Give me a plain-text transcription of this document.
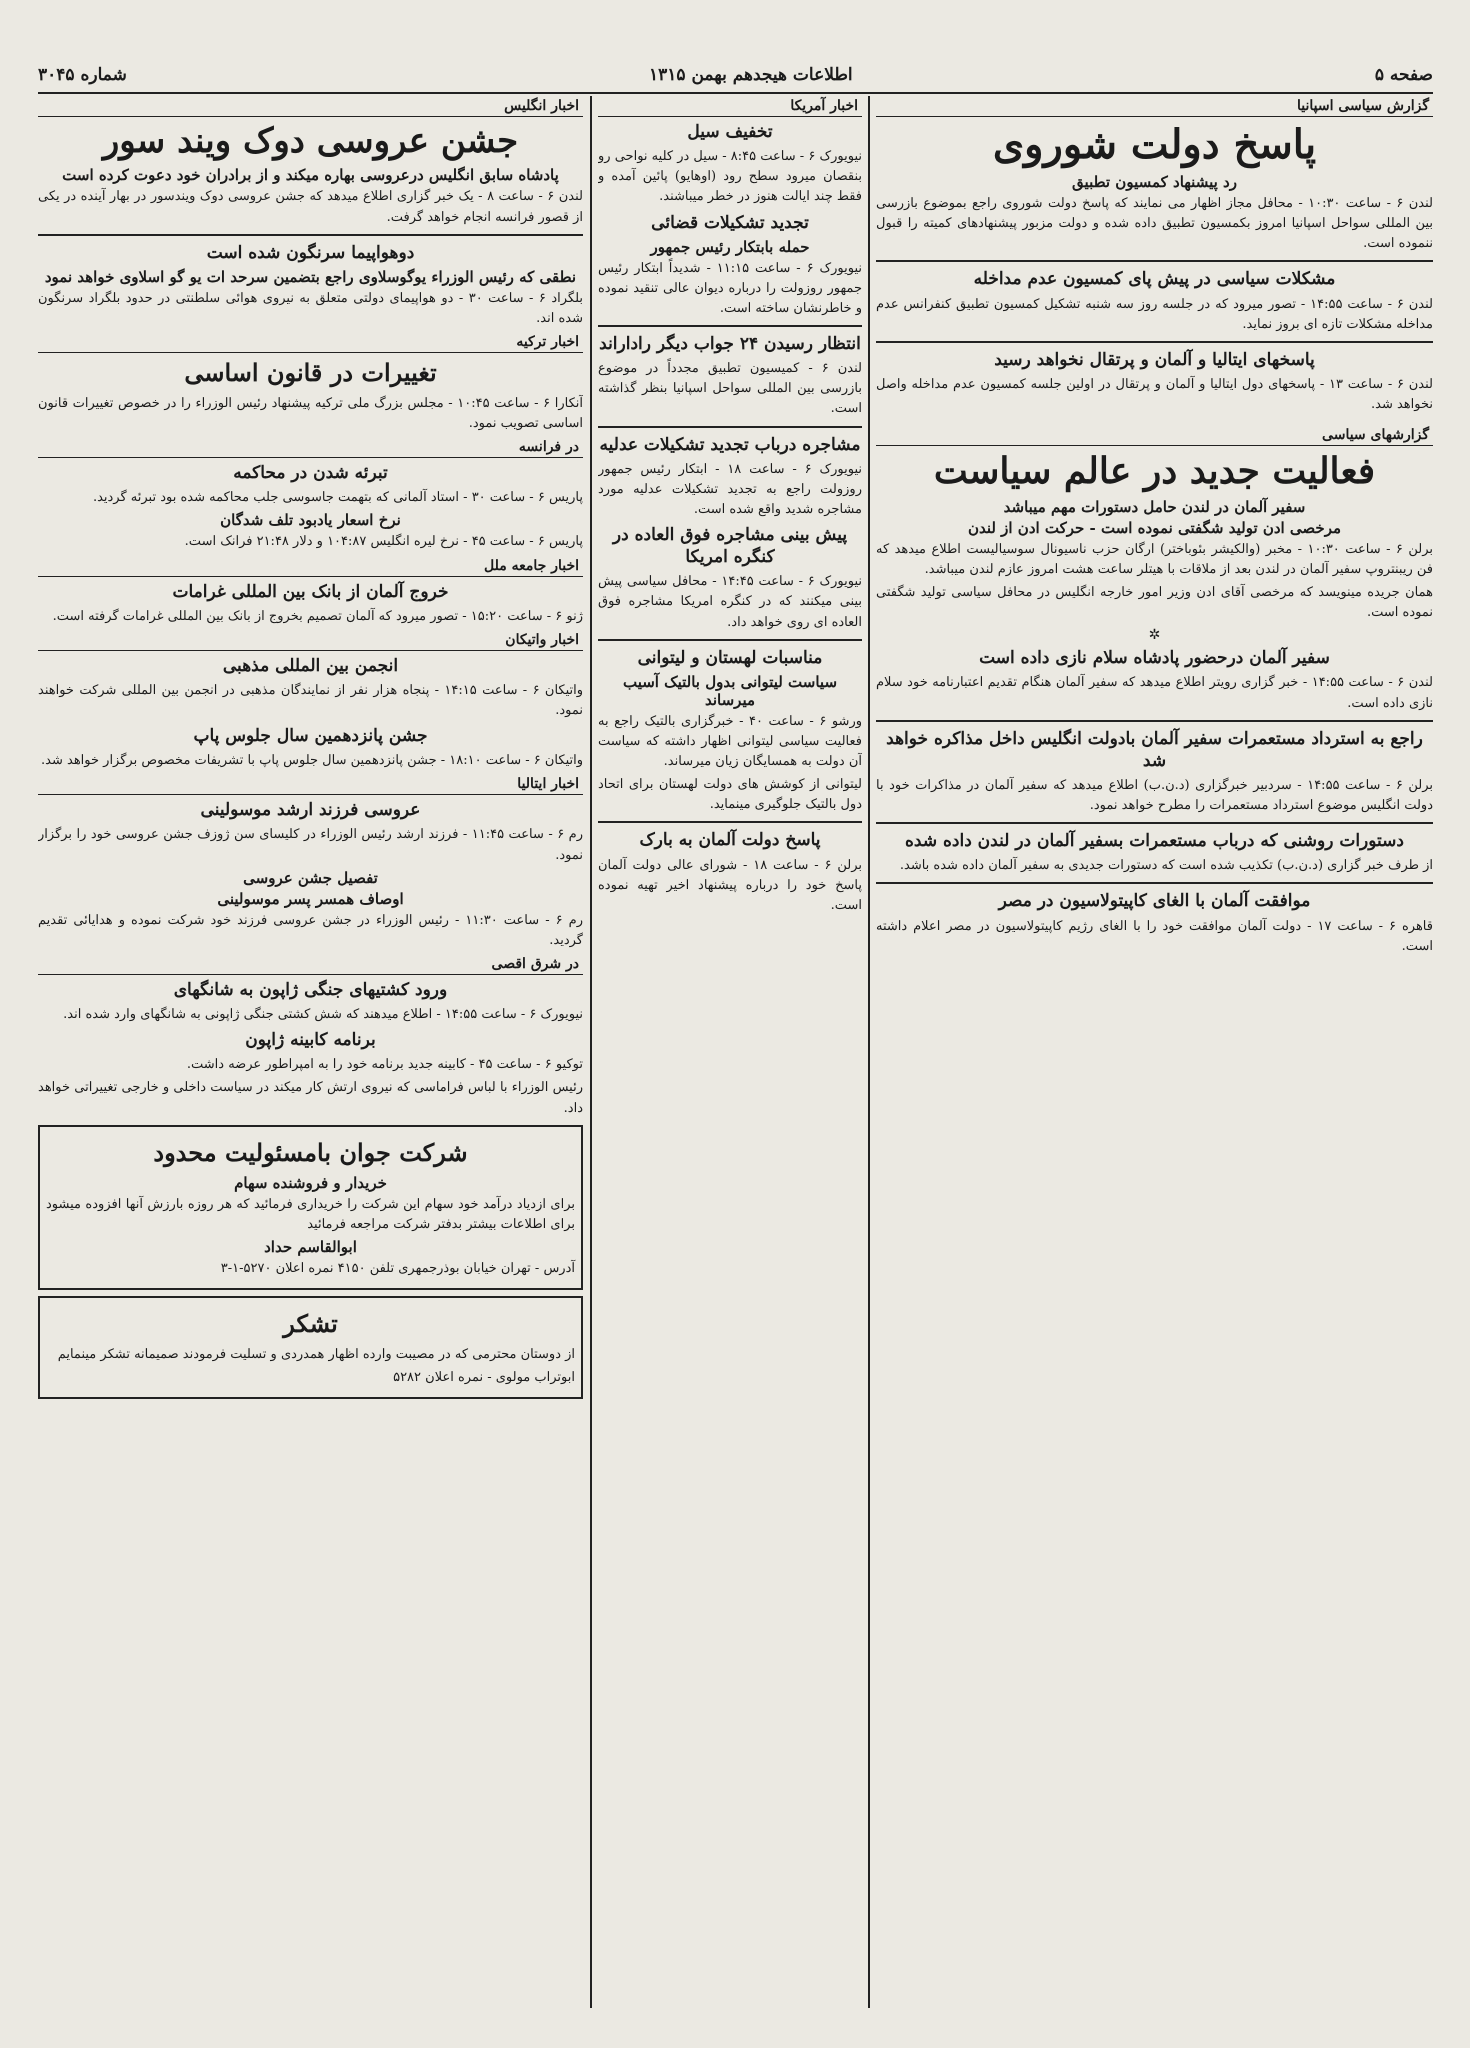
صفحه ۵
اطلاعات هیجدهم بهمن ۱۳۱۵
شماره ۳۰۴۵
گزارش سیاسی اسپانیا
پاسخ دولت شوروی
رد پیشنهاد کمسیون تطبیق

لندن ۶ - ساعت ۱۰:۳۰ - محافل مجاز اظهار می نمایند که پاسخ دولت شوروی راجع بموضوع بازرسی بین المللی سواحل اسپانیا امروز بکمسیون تطبیق داده شده و دولت مزبور پیشنهادهای کمیته را قبول ننموده است.

مشکلات سیاسی در پیش پای کمسیون عدم مداخله

لندن ۶ - ساعت ۱۴:۵۵ - تصور میرود که در جلسه روز سه شنبه تشکیل کمسیون تطبیق کنفرانس عدم مداخله مشکلات تازه ای بروز نماید.

پاسخهای ایتالیا و آلمان و پرتقال نخواهد رسید

لندن ۶ - ساعت ۱۳ - پاسخهای دول ایتالیا و آلمان و پرتقال در اولین جلسه کمسیون عدم مداخله واصل نخواهد شد.

گزارشهای سیاسی
فعالیت جدید در عالم سیاست
سفیر آلمان در لندن حامل دستورات مهم میباشد
مرخصی ادن تولید شگفتی نموده است - حرکت ادن از لندن

برلن ۶ - ساعت ۱۰:۳۰ - مخبر (والکیشر بئوباختر) ارگان حزب ناسیونال سوسیالیست اطلاع میدهد که فن ریبنتروپ سفیر آلمان در لندن بعد از ملاقات با هیتلر ساعت هشت امروز عازم لندن میباشد.

همان جریده مینویسد که مرخصی آقای ادن وزیر امور خارجه انگلیس در محافل سیاسی تولید شگفتی نموده است.

✲
سفیر آلمان درحضور پادشاه سلام نازی داده است

لندن ۶ - ساعت ۱۴:۵۵ - خبر گزاری رویتر اطلاع میدهد که سفیر آلمان هنگام تقدیم اعتبارنامه خود سلام نازی داده است.

راجع به استرداد مستعمرات سفیر آلمان بادولت انگلیس داخل مذاکره خواهد شد

برلن ۶ - ساعت ۱۴:۵۵ - سردبیر خبرگزاری (د.ن.ب) اطلاع میدهد که سفیر آلمان در مذاکرات خود با دولت انگلیس موضوع استرداد مستعمرات را مطرح خواهد نمود.

دستورات روشنی که درباب مستعمرات بسفیر آلمان در لندن داده شده

از طرف خبر گزاری (د.ن.ب) تکذیب شده است که دستورات جدیدی به سفیر آلمان داده شده باشد.

موافقت آلمان با الغای کاپیتولاسیون در مصر

قاهره ۶ - ساعت ۱۷ - دولت آلمان موافقت خود را با الغای رژیم کاپیتولاسیون در مصر اعلام داشته است.

اخبار آمریکا
تخفیف سیل

نیویورک ۶ - ساعت ۸:۴۵ - سیل در کلیه نواحی رو بنقصان میرود سطح رود (اوهایو) پائین آمده و فقط چند ایالت هنوز در خطر میباشند.

تجدید تشکیلات قضائی
حمله بابتکار رئیس جمهور

نیویورک ۶ - ساعت ۱۱:۱۵ - شدیداً ابتکار رئیس جمهور روزولت را درباره دیوان عالی تنقید نموده و خاطرنشان ساخته است.

انتظار رسیدن ۲۴ جواب دیگر راداراند

لندن ۶ - کمیسیون تطبیق مجدداً در موضوع بازرسی بین المللی سواحل اسپانیا بنظر گذاشته است.

مشاجره درباب تجدید تشکیلات عدلیه

نیویورک ۶ - ساعت ۱۸ - ابتکار رئیس جمهور روزولت راجع به تجدید تشکیلات عدلیه مورد مشاجره شدید واقع شده است.

پیش بینی مشاجره فوق العاده در کنگره امریکا

نیویورک ۶ - ساعت ۱۴:۴۵ - محافل سیاسی پیش بینی میکنند که در کنگره امریکا مشاجره فوق العاده ای روی خواهد داد.

مناسبات لهستان و لیتوانی
سیاست لیتوانی بدول بالتیک آسیب میرساند

ورشو ۶ - ساعت ۴۰ - خبرگزاری بالتیک راجع به فعالیت سیاسی لیتوانی اظهار داشته که سیاست آن دولت به همسایگان زیان میرساند.

لیتوانی از کوشش های دولت لهستان برای اتحاد دول بالتیک جلوگیری مینماید.

پاسخ دولت آلمان به بارک

برلن ۶ - ساعت ۱۸ - شورای عالی دولت آلمان پاسخ خود را درباره پیشنهاد اخیر تهیه نموده است.

اخبار انگلیس
جشن عروسی دوک ویند سور
پادشاه سابق انگلیس درعروسی بهاره میکند و از برادران خود دعوت کرده است

لندن ۶ - ساعت ۸ - یک خبر گزاری اطلاع میدهد که جشن عروسی دوک ویندسور در بهار آینده در یکی از قصور فرانسه انجام خواهد گرفت.

دوهواپیما سرنگون شده است
نطقی که رئیس الوزراء یوگوسلاوی راجع بتضمین سرحد ات یو گو اسلاوی خواهد نمود

بلگراد ۶ - ساعت ۳۰ - دو هواپیمای دولتی متعلق به نیروی هوائی سلطنتی در حدود بلگراد سرنگون شده اند.

اخبار ترکیه
تغییرات در قانون اساسی

آنکارا ۶ - ساعت ۱۰:۴۵ - مجلس بزرگ ملی ترکیه پیشنهاد رئیس الوزراء را در خصوص تغییرات قانون اساسی تصویب نمود.

در فرانسه
تبرئه شدن در محاکمه

پاریس ۶ - ساعت ۳۰ - استاد آلمانی که بتهمت جاسوسی جلب محاکمه شده بود تبرئه گردید.

نرخ اسعار یادبود تلف شدگان

پاریس ۶ - ساعت ۴۵ - نرخ لیره انگلیس ۱۰۴:۸۷ و دلار ۲۱:۴۸ فرانک است.

اخبار جامعه ملل
خروج آلمان از بانک بین المللی غرامات

ژنو ۶ - ساعت ۱۵:۲۰ - تصور میرود که آلمان تصمیم بخروج از بانک بین المللی غرامات گرفته است.

اخبار واتیکان
انجمن بین المللی مذهبی

واتیکان ۶ - ساعت ۱۴:۱۵ - پنجاه هزار نفر از نمایندگان مذهبی در انجمن بین المللی شرکت خواهند نمود.

جشن پانزدهمین سال جلوس پاپ

واتیکان ۶ - ساعت ۱۸:۱۰ - جشن پانزدهمین سال جلوس پاپ با تشریفات مخصوص برگزار خواهد شد.

اخبار ایتالیا
عروسی فرزند ارشد موسولینی

رم ۶ - ساعت ۱۱:۴۵ - فرزند ارشد رئیس الوزراء در کلیسای سن ژوزف جشن عروسی خود را برگزار نمود.

تفصیل جشن عروسی
اوصاف همسر پسر موسولینی

رم ۶ - ساعت ۱۱:۳۰ - رئیس الوزراء در جشن عروسی فرزند خود شرکت نموده و هدایائی تقدیم گردید.

در شرق اقصی
ورود کشتیهای جنگی ژاپون به شانگهای

نیویورک ۶ - ساعت ۱۴:۵۵ - اطلاع میدهند که شش کشتی جنگی ژاپونی به شانگهای وارد شده اند.

برنامه کابینه ژاپون

توکیو ۶ - ساعت ۴۵ - کابینه جدید برنامه خود را به امپراطور عرضه داشت.

رئیس الوزراء با لباس فراماسی که نیروی ارتش کار میکند در سیاست داخلی و خارجی تغییراتی خواهد داد.

شرکت جوان بامسئولیت محدود
خریدار و فروشنده سهام

برای ازدیاد درآمد خود سهام این شرکت را خریداری فرمائید که هر روزه بارزش آنها افزوده میشود برای اطلاعات بیشتر بدفتر شرکت مراجعه فرمائید

ابوالقاسم حداد

آدرس - تهران خیابان بوذرجمهری تلفن ۴۱۵۰ نمره اعلان ۵۲۷۰-۱-۳

تشکر

از دوستان محترمی که در مصیبت وارده اظهار همدردی و تسلیت فرمودند صمیمانه تشکر مینمایم

ابوتراب مولوی - نمره اعلان ۵۲۸۲
